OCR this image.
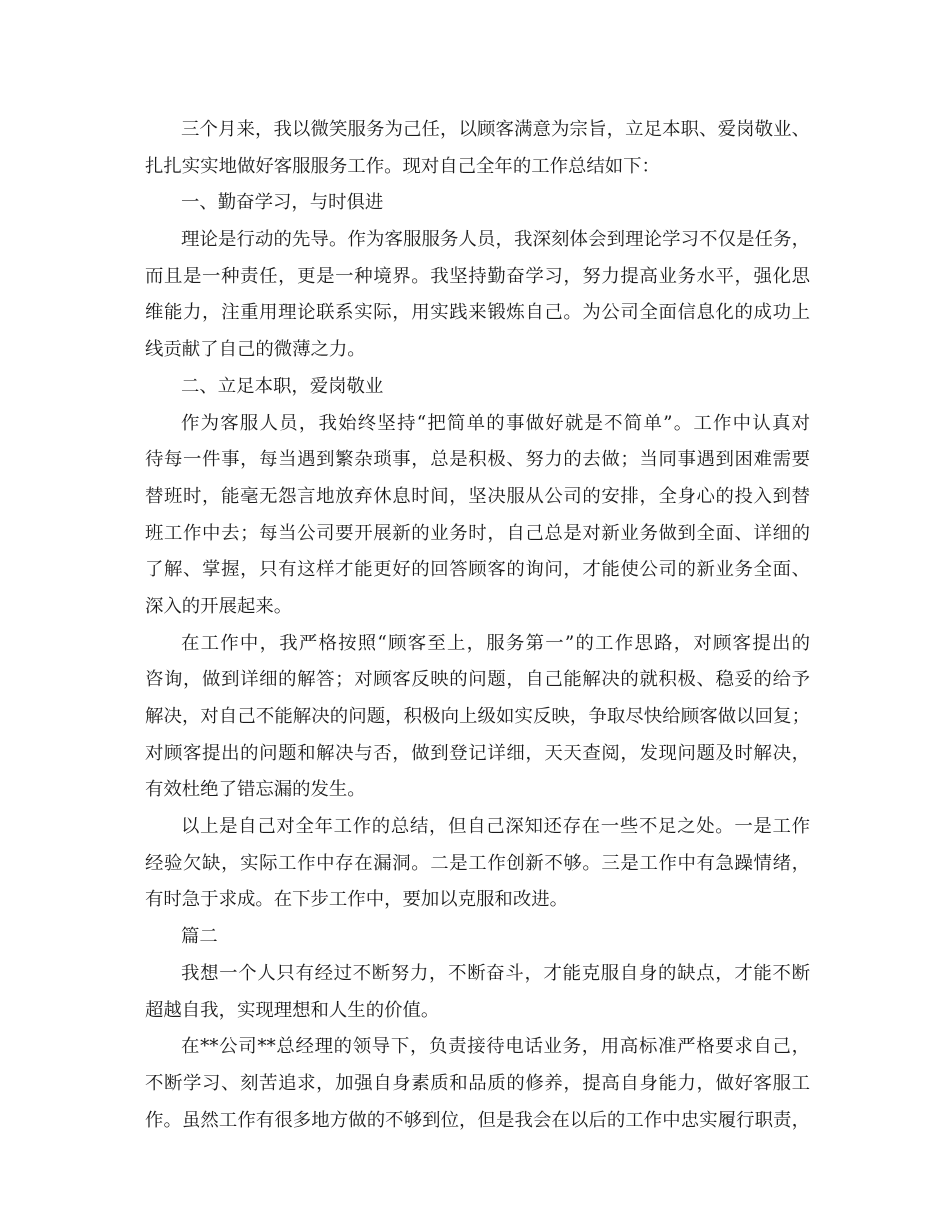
三个月来，我以微笑服务为己任，以顾客满意为宗旨，立足本职、爱岗敬业、
扎扎实实地做好客服服务工作。现对自己全年的工作总结如下：
一、勤奋学习，与时俱进
理论是行动的先导。作为客服服务人员，我深刻体会到理论学习不仅是任务，
而且是一种责任，更是一种境界。我坚持勤奋学习，努力提高业务水平，强化思
维能力，注重用理论联系实际，用实践来锻炼自己。为公司全面信息化的成功上
线贡献了自己的微薄之力。
二、立足本职，爱岗敬业
作为客服人员，我始终坚持“把简单的事做好就是不简单”。工作中认真对
待每一件事，每当遇到繁杂琐事，总是积极、努力的去做；当同事遇到困难需要
替班时，能毫无怨言地放弃休息时间，坚决服从公司的安排，全身心的投入到替
班工作中去；每当公司要开展新的业务时，自己总是对新业务做到全面、详细的
了解、掌握，只有这样才能更好的回答顾客的询问，才能使公司的新业务全面、
深入的开展起来。
在工作中，我严格按照“顾客至上，服务第一”的工作思路，对顾客提出的
咨询，做到详细的解答；对顾客反映的问题，自己能解决的就积极、稳妥的给予
解决，对自己不能解决的问题，积极向上级如实反映，争取尽快给顾客做以回复；
对顾客提出的问题和解决与否，做到登记详细，天天查阅，发现问题及时解决，
有效杜绝了错忘漏的发生。
以上是自己对全年工作的总结，但自己深知还存在一些不足之处。一是工作
经验欠缺，实际工作中存在漏洞。二是工作创新不够。三是工作中有急躁情绪，
有时急于求成。在下步工作中，要加以克服和改进。
篇二
我想一个人只有经过不断努力，不断奋斗，才能克服自身的缺点，才能不断
超越自我，实现理想和人生的价值。
在**公司**总经理的领导下，负责接待电话业务，用高标准严格要求自己，
不断学习、刻苦追求，加强自身素质和品质的修养，提高自身能力，做好客服工
作。虽然工作有很多地方做的不够到位，但是我会在以后的工作中忠实履行职责，
